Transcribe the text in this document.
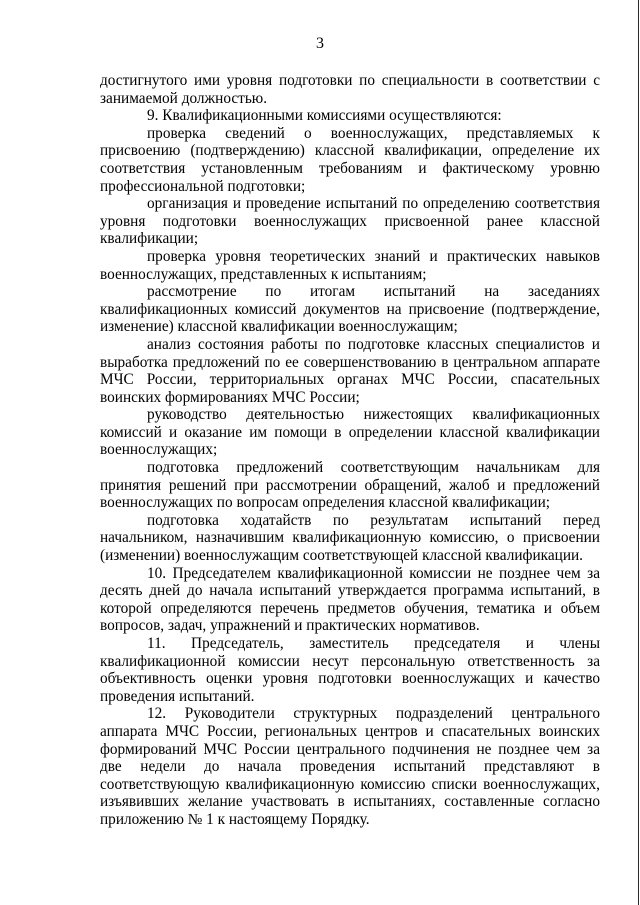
3

достигнутого ими уровня подготовки по специальности в соответствии с занимаемой должностью.

9. Квалификационными комиссиями осуществляются:

проверка сведений о военнослужащих, представляемых к присвоению (подтверждению) классной квалификации, определение их соответствия установленным требованиям и фактическому уровню профессиональной подготовки;

организация и проведение испытаний по определению соответствия уровня подготовки военнослужащих присвоенной ранее классной квалификации;

проверка уровня теоретических знаний и практических навыков военнослужащих, представленных к испытаниям;

рассмотрение по итогам испытаний на заседаниях квалификационных комиссий документов на присвоение (подтверждение, изменение) классной квалификации военнослужащим;

анализ состояния работы по подготовке классных специалистов и выработка предложений по ее совершенствованию в центральном аппарате МЧС России, территориальных органах МЧС России, спасательных воинских формированиях МЧС России;

руководство деятельностью нижестоящих квалификационных комиссий и оказание им помощи в определении классной квалификации военнослужащих;

подготовка предложений соответствующим начальникам для принятия решений при рассмотрении обращений, жалоб и предложений военнослужащих по вопросам определения классной квалификации;

подготовка ходатайств по результатам испытаний перед начальником, назначившим квалификационную комиссию, о присвоении (изменении) военнослужащим соответствующей классной квалификации.

10. Председателем квалификационной комиссии не позднее чем за десять дней до начала испытаний утверждается программа испытаний, в которой определяются перечень предметов обучения, тематика и объем вопросов, задач, упражнений и практических нормативов.

11. Председатель, заместитель председателя и члены квалификационной комиссии несут персональную ответственность за объективность оценки уровня подготовки военнослужащих и качество проведения испытаний.

12. Руководители структурных подразделений центрального аппарата МЧС России, региональных центров и спасательных воинских формирований МЧС России центрального подчинения не позднее чем за две недели до начала проведения испытаний представляют в соответствующую квалификационную комиссию списки военнослужащих, изъявивших желание участвовать в испытаниях, составленные согласно приложению № 1 к настоящему Порядку.
